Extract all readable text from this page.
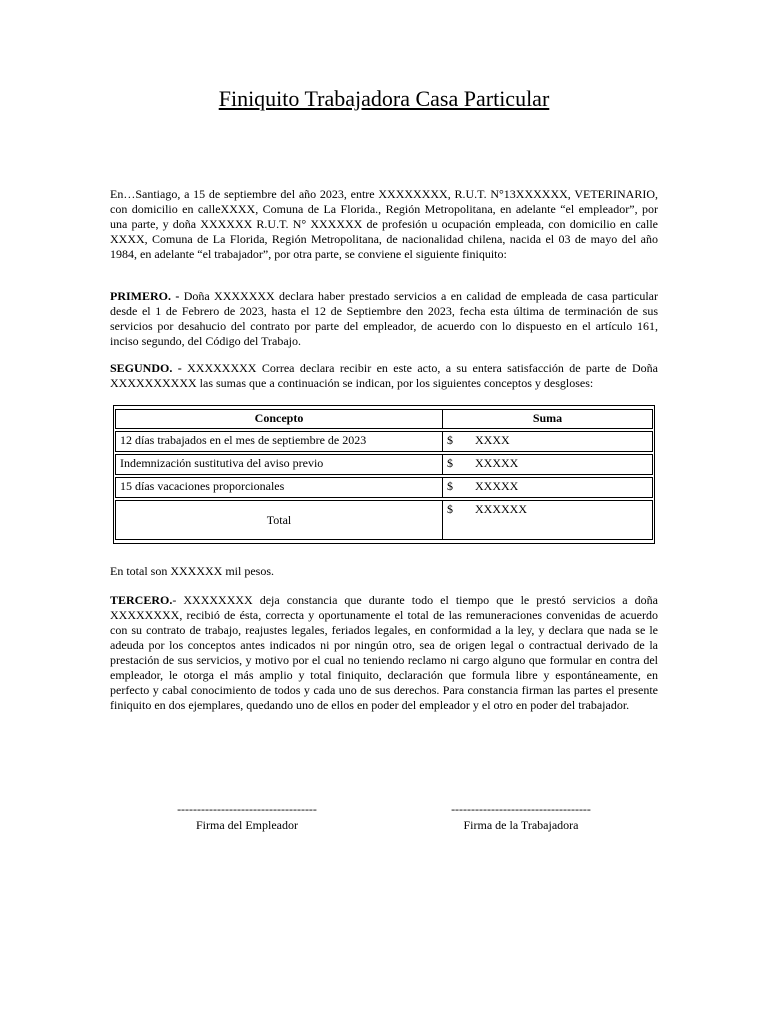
Finiquito Trabajadora Casa Particular

En…Santiago, a 15 de septiembre del año 2023, entre XXXXXXXX, R.U.T. N°13XXXXXX, VETERINARIO, con domicilio en calleXXXX, Comuna de La Florida., Región Metropolitana, en adelante “el empleador”, por una parte, y doña XXXXXX R.U.T. N° XXXXXX de profesión u ocupación empleada, con domicilio en calle XXXX, Comuna de La Florida, Región Metropolitana, de nacionalidad chilena, nacida el 03 de mayo del año 1984, en adelante “el trabajador”, por otra parte, se conviene el siguiente finiquito:

PRIMERO. - Doña XXXXXXX declara haber prestado servicios a en calidad de empleada de casa particular desde el 1 de Febrero de 2023, hasta el 12 de Septiembre den 2023, fecha esta última de terminación de sus servicios por desahucio del contrato por parte del empleador, de acuerdo con lo dispuesto en el artículo 161, inciso segundo, del Código del Trabajo.

SEGUNDO. - XXXXXXXX Correa declara recibir en este acto, a su entera satisfacción de parte de Doña XXXXXXXXXX las sumas que a continuación se indican, por los siguientes conceptos y desgloses:

Concepto	Suma
12 días trabajados en el mes de septiembre de 2023	$ XXXX
Indemnización sustitutiva del aviso previo	$ XXXXX
15 días vacaciones proporcionales	$ XXXXX
Total	$ XXXXXX

En total son XXXXXX mil pesos.

TERCERO.- XXXXXXXX deja constancia que durante todo el tiempo que le prestó servicios a doña XXXXXXXX, recibió de ésta, correcta y oportunamente el total de las remuneraciones convenidas de acuerdo con su contrato de trabajo, reajustes legales, feriados legales, en conformidad a la ley, y declara que nada se le adeuda por los conceptos antes indicados ni por ningún otro, sea de origen legal o contractual derivado de la prestación de sus servicios, y motivo por el cual no teniendo reclamo ni cargo alguno que formular en contra del empleador, le otorga el más amplio y total finiquito, declaración que formula libre y espontáneamente, en perfecto y cabal conocimiento de todos y cada uno de sus derechos. Para constancia firman las partes el presente finiquito en dos ejemplares, quedando uno de ellos en poder del empleador y el otro en poder del trabajador.

-----------------------------------
Firma del Empleador
-----------------------------------
Firma de la Trabajadora
